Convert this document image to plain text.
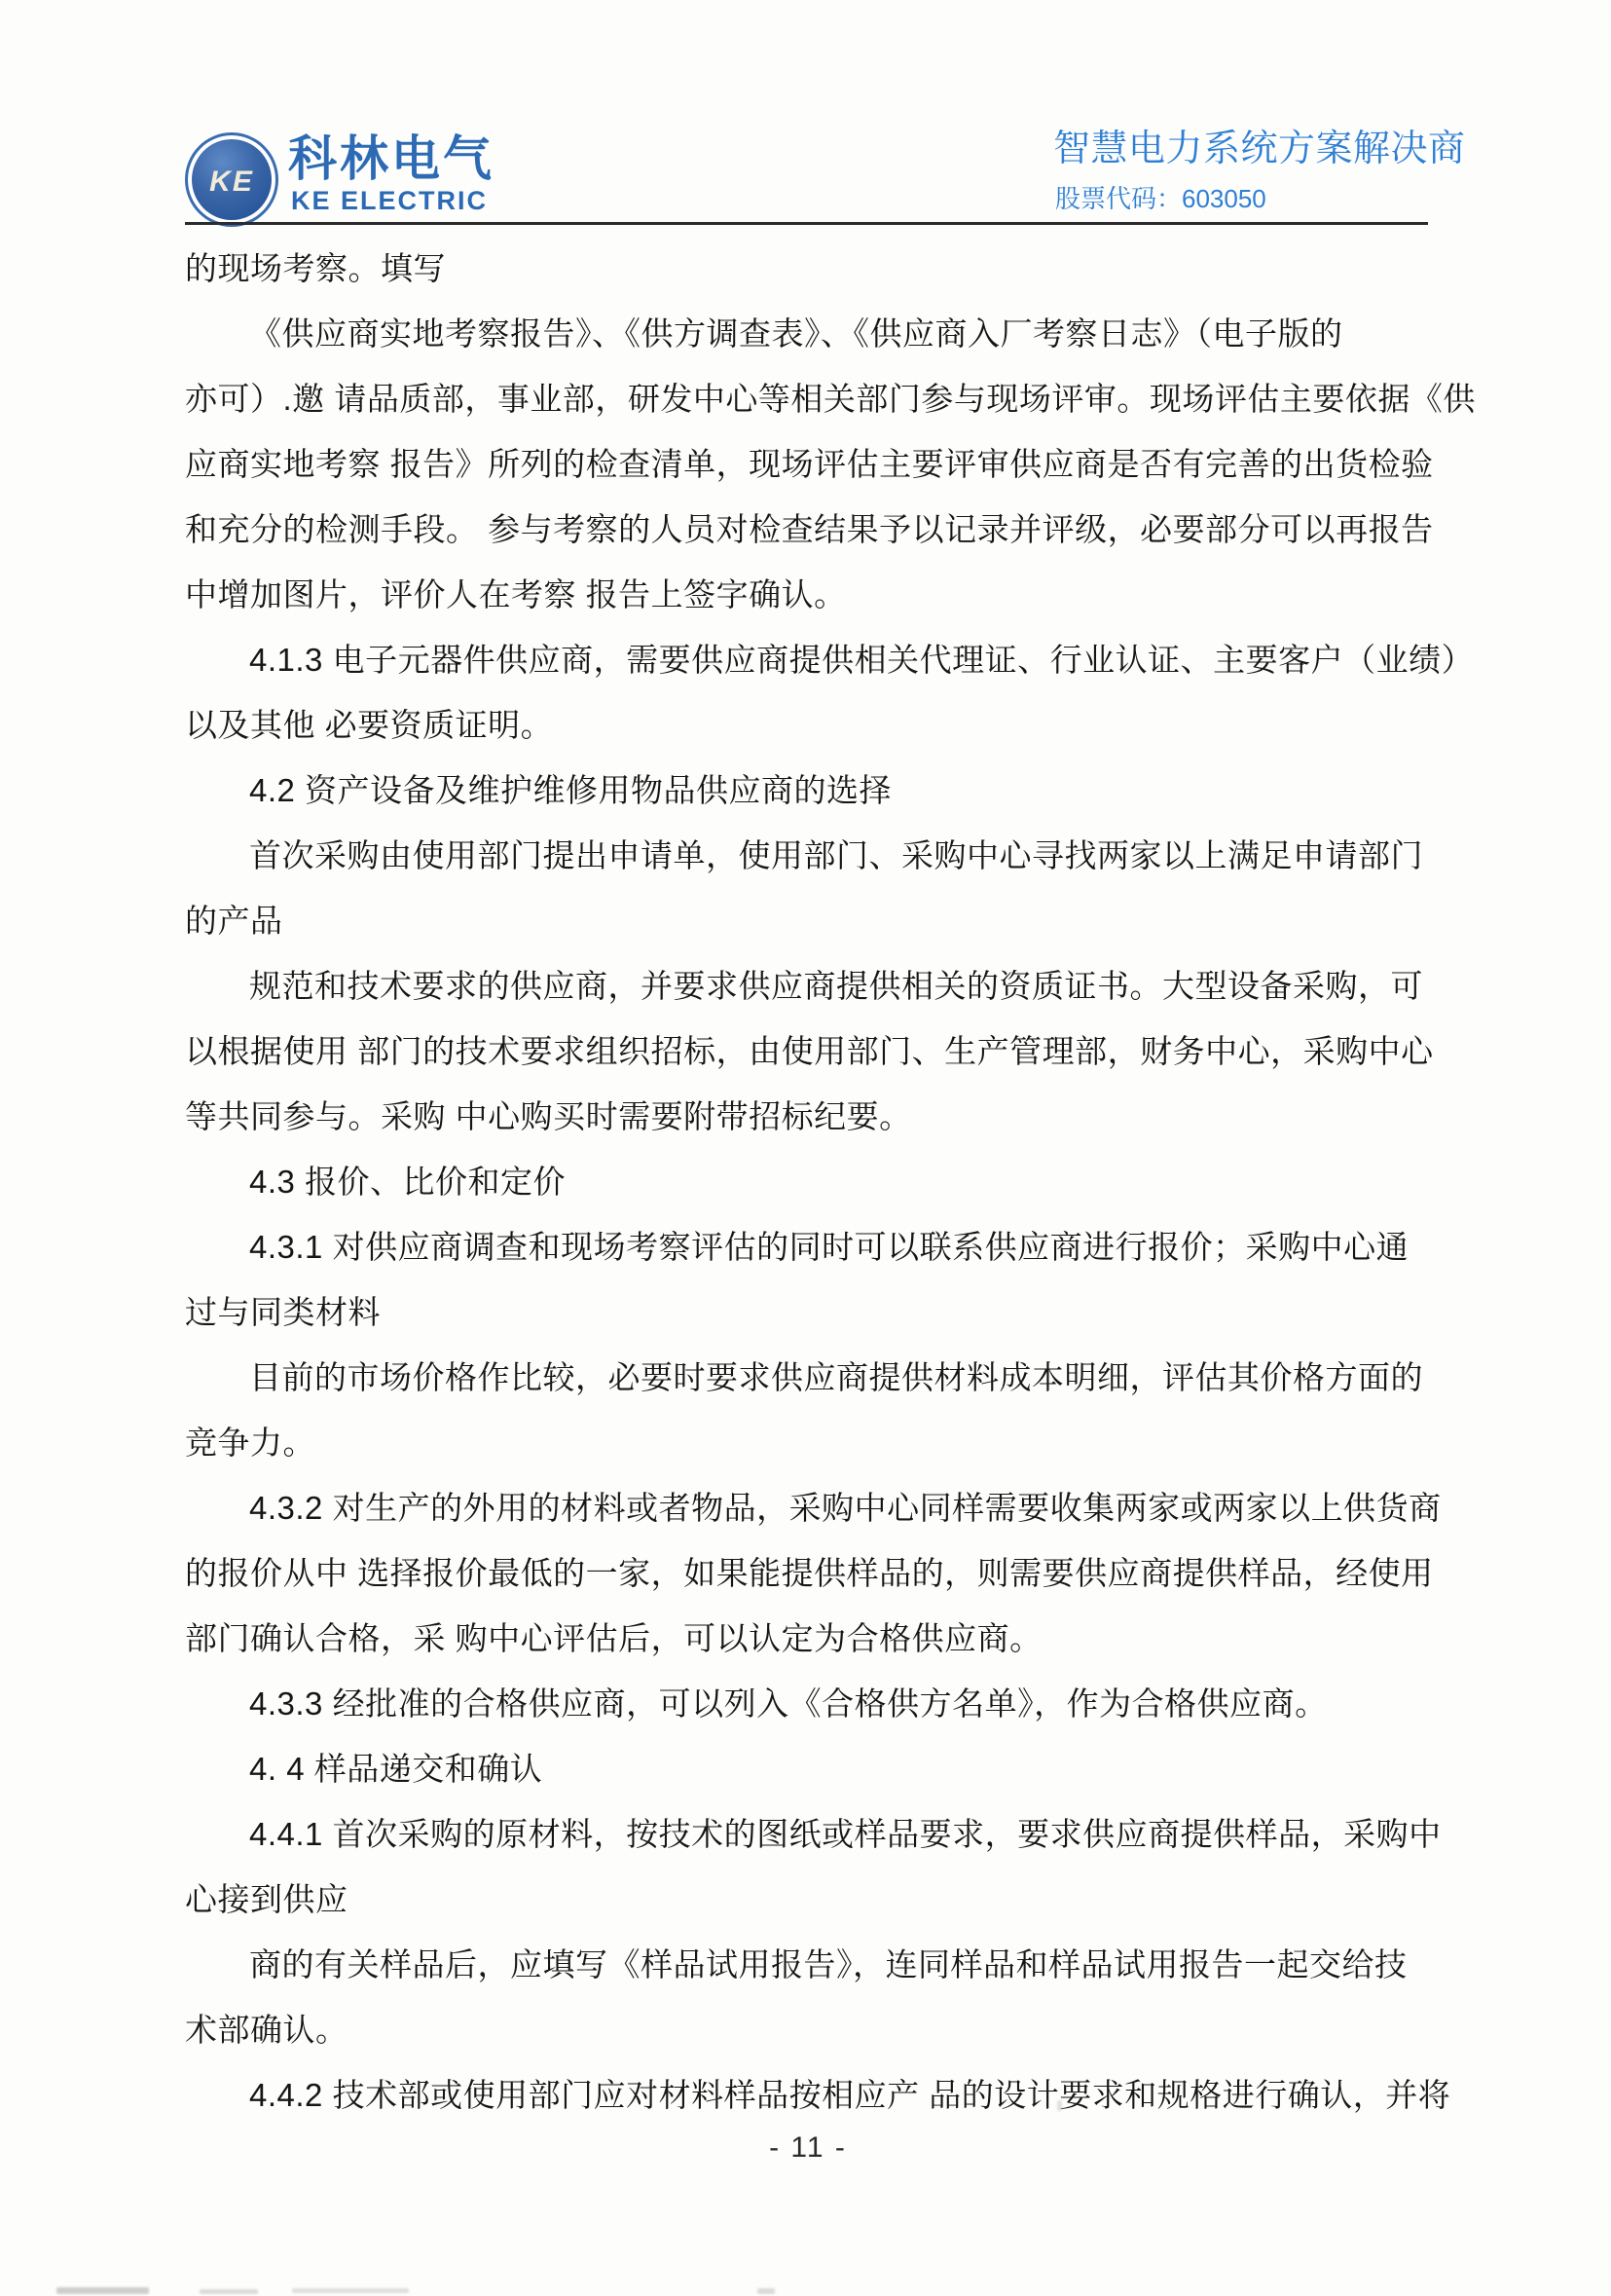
KE 科林电气
KE ELECTRIC
智慧电力系统方案解决商
股票代码：603050
的现场考察。填写
《供应商实地考察报告》、《供方调查表》、《供应商入厂考察日志》（电子版的
亦可）.邀 请品质部，事业部，研发中心等相关部门参与现场评审。现场评估主要依据《供
应商实地考察 报告》所列的检查清单，现场评估主要评审供应商是否有完善的出货检验
和充分的检测手段。 参与考察的人员对检查结果予以记录并评级，必要部分可以再报告
中增加图片，评价人在考察 报告上签字确认。
4.1.3 电子元器件供应商，需要供应商提供相关代理证、行业认证、主要客户（业绩）
以及其他 必要资质证明。
4.2 资产设备及维护维修用物品供应商的选择
首次采购由使用部门提出申请单，使用部门、采购中心寻找两家以上满足申请部门
的产品
规范和技术要求的供应商，并要求供应商提供相关的资质证书。大型设备采购，可
以根据使用 部门的技术要求组织招标，由使用部门、生产管理部，财务中心，采购中心
等共同参与。采购 中心购买时需要附带招标纪要。
4.3 报价、比价和定价
4.3.1 对供应商调查和现场考察评估的同时可以联系供应商进行报价；采购中心通
过与同类材料
目前的市场价格作比较，必要时要求供应商提供材料成本明细，评估其价格方面的
竞争力。
4.3.2 对生产的外用的材料或者物品，采购中心同样需要收集两家或两家以上供货商
的报价从中 选择报价最低的一家，如果能提供样品的，则需要供应商提供样品，经使用
部门确认合格，采 购中心评估后，可以认定为合格供应商。
4.3.3 经批准的合格供应商，可以列入《合格供方名单》，作为合格供应商。
4. 4 样品递交和确认
4.4.1 首次采购的原材料，按技术的图纸或样品要求，要求供应商提供样品，采购中
心接到供应
商的有关样品后，应填写《样品试用报告》，连同样品和样品试用报告一起交给技
术部确认。
4.4.2 技术部或使用部门应对材料样品按相应产 品的设计要求和规格进行确认，并将
- 11 -
